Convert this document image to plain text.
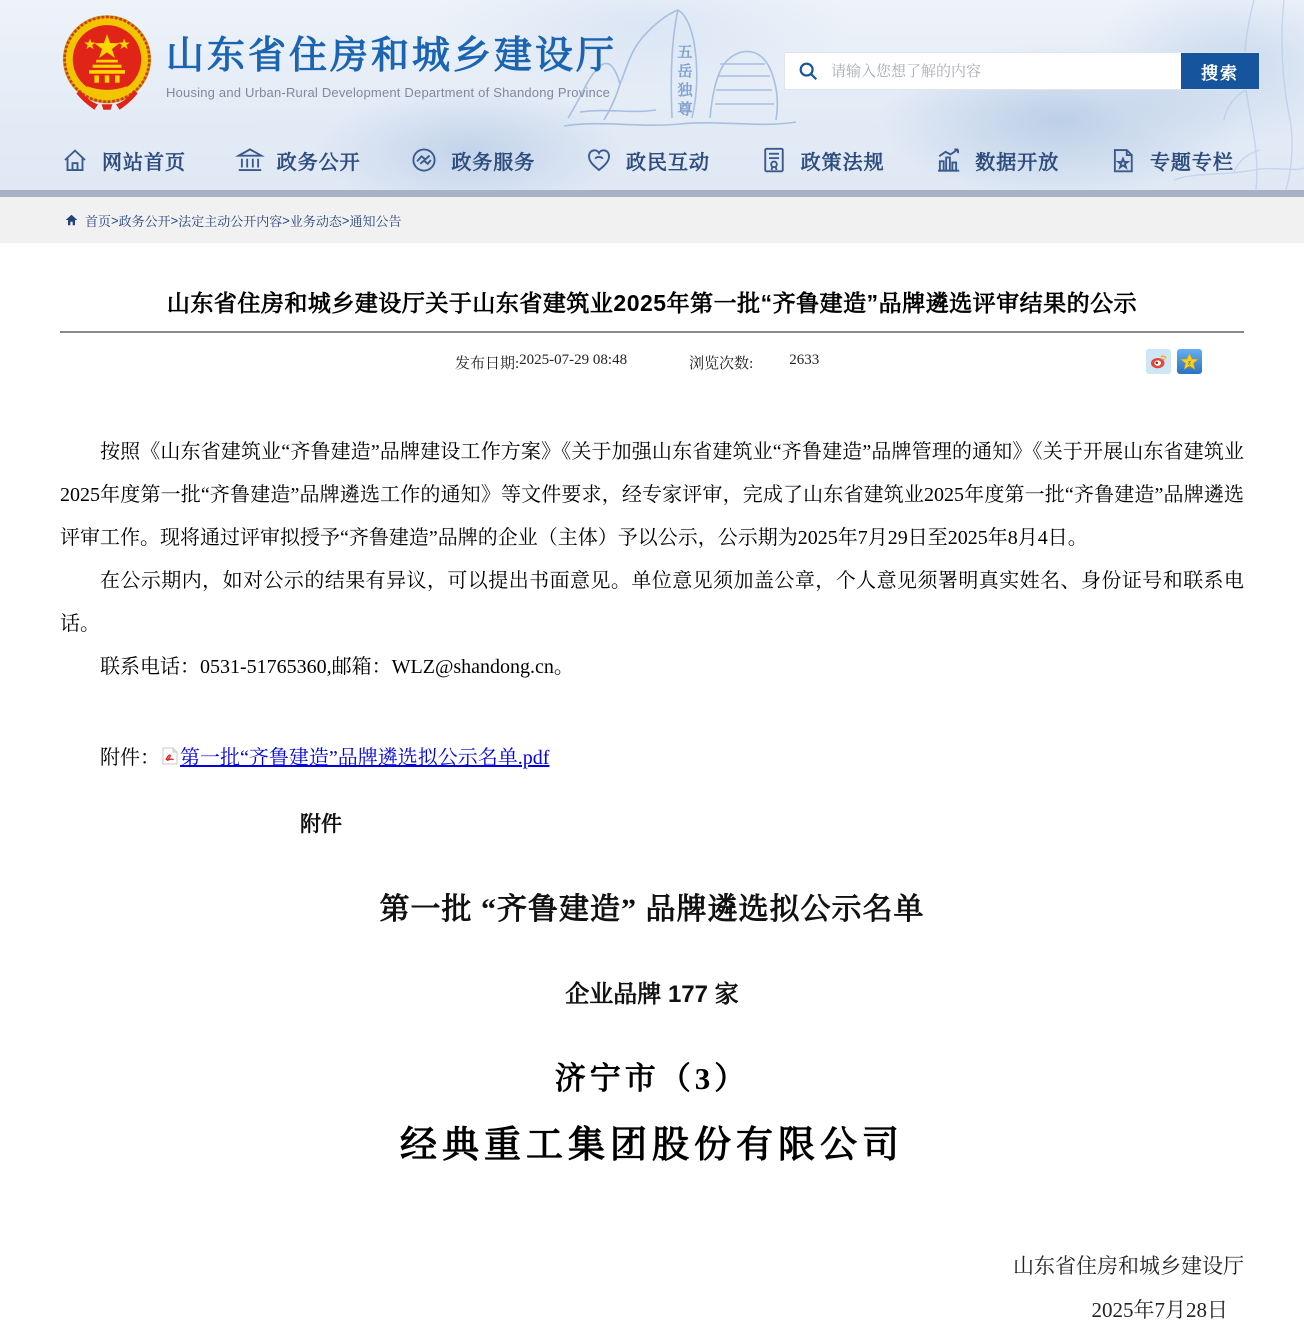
五岳独尊
山东省住房和城乡建设厅
Housing and Urban-Rural Development Department of Shandong Province
请输入您想了解的内容
搜索
网站首页	政务公开	政务服务	政民互动	政策法规	数据开放	专题专栏
首页 > 政务公开 > 法定主动公开内容 > 业务动态 > 通知公告
山东省住房和城乡建设厅关于山东省建筑业2025年第一批“齐鲁建造”品牌遴选评审结果的公示
发布日期: 2025-07-29 08:48	浏览次数: 2633	Z

按照《山东省建筑业“齐鲁建造”品牌建设工作方案》《关于加强山东省建筑业“齐鲁建造”品牌管理的通知》《关于开展山东省建筑业2025年度第一批“齐鲁建造”品牌遴选工作的通知》等文件要求，经专家评审，完成了山东省建筑业2025年度第一批“齐鲁建造”品牌遴选评审工作。现将通过评审拟授予“齐鲁建造”品牌的企业（主体）予以公示，公示期为2025年7月29日至2025年8月4日。

在公示期内，如对公示的结果有异议，可以提出书面意见。单位意见须加盖公章，个人意见须署明真实姓名、身份证号和联系电话。

联系电话：0531-51765360,邮箱：WLZ@shandong.cn。

附件： 第一批“齐鲁建造”品牌遴选拟公示名单.pdf
附件
第一批 “齐鲁建造” 品牌遴选拟公示名单
企业品牌 177 家
济宁市（3）
经典重工集团股份有限公司
山东省住房和城乡建设厅
2025年7月28日
